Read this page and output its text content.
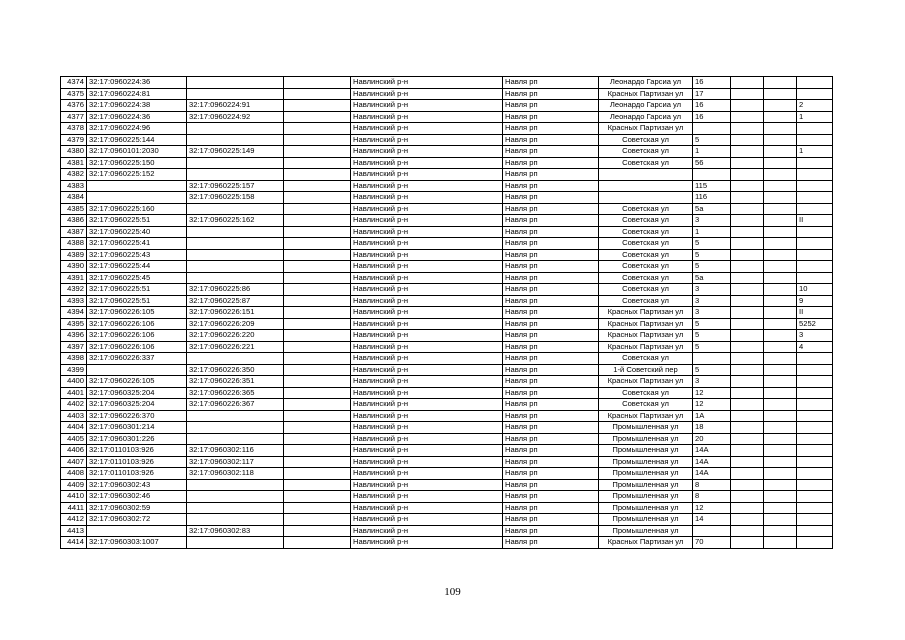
4374	32:17:0960224:36			Навлинский р-н	Навля рп	Леонардо Гарсиа ул	16			
4375	32:17:0960224:81			Навлинский р-н	Навля рп	Красных Партизан ул	17			
4376	32:17:0960224:38	32:17:0960224:91		Навлинский р-н	Навля рп	Леонардо Гарсиа ул	16			2
4377	32:17:0960224:36	32:17:0960224:92		Навлинский р-н	Навля рп	Леонардо Гарсиа ул	16			1
4378	32:17:0960224:96			Навлинский р-н	Навля рп	Красных Партизан ул				
4379	32:17:0960225:144			Навлинский р-н	Навля рп	Советская ул	5			
4380	32:17:0960101:2030	32:17:0960225:149		Навлинский р-н	Навля рп	Советская ул	1			1
4381	32:17:0960225:150			Навлинский р-н	Навля рп	Советская ул	56			
4382	32:17:0960225:152			Навлинский р-н	Навля рп					
4383		32:17:0960225:157		Навлинский р-н	Навля рп		115			
4384		32:17:0960225:158		Навлинский р-н	Навля рп		116			
4385	32:17:0960225:160			Навлинский р-н	Навля рп	Советская ул	5а			
4386	32:17:0960225:51	32:17:0960225:162		Навлинский р-н	Навля рп	Советская ул	3			II
4387	32:17:0960225:40			Навлинский р-н	Навля рп	Советская ул	1			
4388	32:17:0960225:41			Навлинский р-н	Навля рп	Советская ул	5			
4389	32:17:0960225:43			Навлинский р-н	Навля рп	Советская ул	5			
4390	32:17:0960225:44			Навлинский р-н	Навля рп	Советская ул	5			
4391	32:17:0960225:45			Навлинский р-н	Навля рп	Советская ул	5а			
4392	32:17:0960225:51	32:17:0960225:86		Навлинский р-н	Навля рп	Советская ул	3			10
4393	32:17:0960225:51	32:17:0960225:87		Навлинский р-н	Навля рп	Советская ул	3			9
4394	32:17:0960226:105	32:17:0960226:151		Навлинский р-н	Навля рп	Красных Партизан ул	3			II
4395	32:17:0960226:106	32:17:0960226:209		Навлинский р-н	Навля рп	Красных Партизан ул	5			5252
4396	32:17:0960226:106	32:17:0960226:220		Навлинский р-н	Навля рп	Красных Партизан ул	5			3
4397	32:17:0960226:106	32:17:0960226:221		Навлинский р-н	Навля рп	Красных Партизан ул	5			4
4398	32:17:0960226:337			Навлинский р-н	Навля рп	Советская ул				
4399		32:17:0960226:350		Навлинский р-н	Навля рп	1-й Советский пер	5			
4400	32:17:0960226:105	32:17:0960226:351		Навлинский р-н	Навля рп	Красных Партизан ул	3			
4401	32:17:0960325:204	32:17:0960226:365		Навлинский р-н	Навля рп	Советская ул	12			
4402	32:17:0960325:204	32:17:0960226:367		Навлинский р-н	Навля рп	Советская ул	12			
4403	32:17:0960226:370			Навлинский р-н	Навля рп	Красных Партизан ул	1А			
4404	32:17:0960301:214			Навлинский р-н	Навля рп	Промышленная ул	18			
4405	32:17:0960301:226			Навлинский р-н	Навля рп	Промышленная ул	20			
4406	32:17:0110103:926	32:17:0960302:116		Навлинский р-н	Навля рп	Промышленная ул	14А			
4407	32:17:0110103:926	32:17:0960302:117		Навлинский р-н	Навля рп	Промышленная ул	14А			
4408	32:17:0110103:926	32:17:0960302:118		Навлинский р-н	Навля рп	Промышленная ул	14А			
4409	32:17:0960302:43			Навлинский р-н	Навля рп	Промышленная ул	8			
4410	32:17:0960302:46			Навлинский р-н	Навля рп	Промышленная ул	8			
4411	32:17:0960302:59			Навлинский р-н	Навля рп	Промышленная ул	12			
4412	32:17:0960302:72			Навлинский р-н	Навля рп	Промышленная ул	14			
4413		32:17:0960302:83		Навлинский р-н	Навля рп	Промышленная ул				
4414	32:17:0960303:1007			Навлинский р-н	Навля рп	Красных Партизан ул	70			
109
